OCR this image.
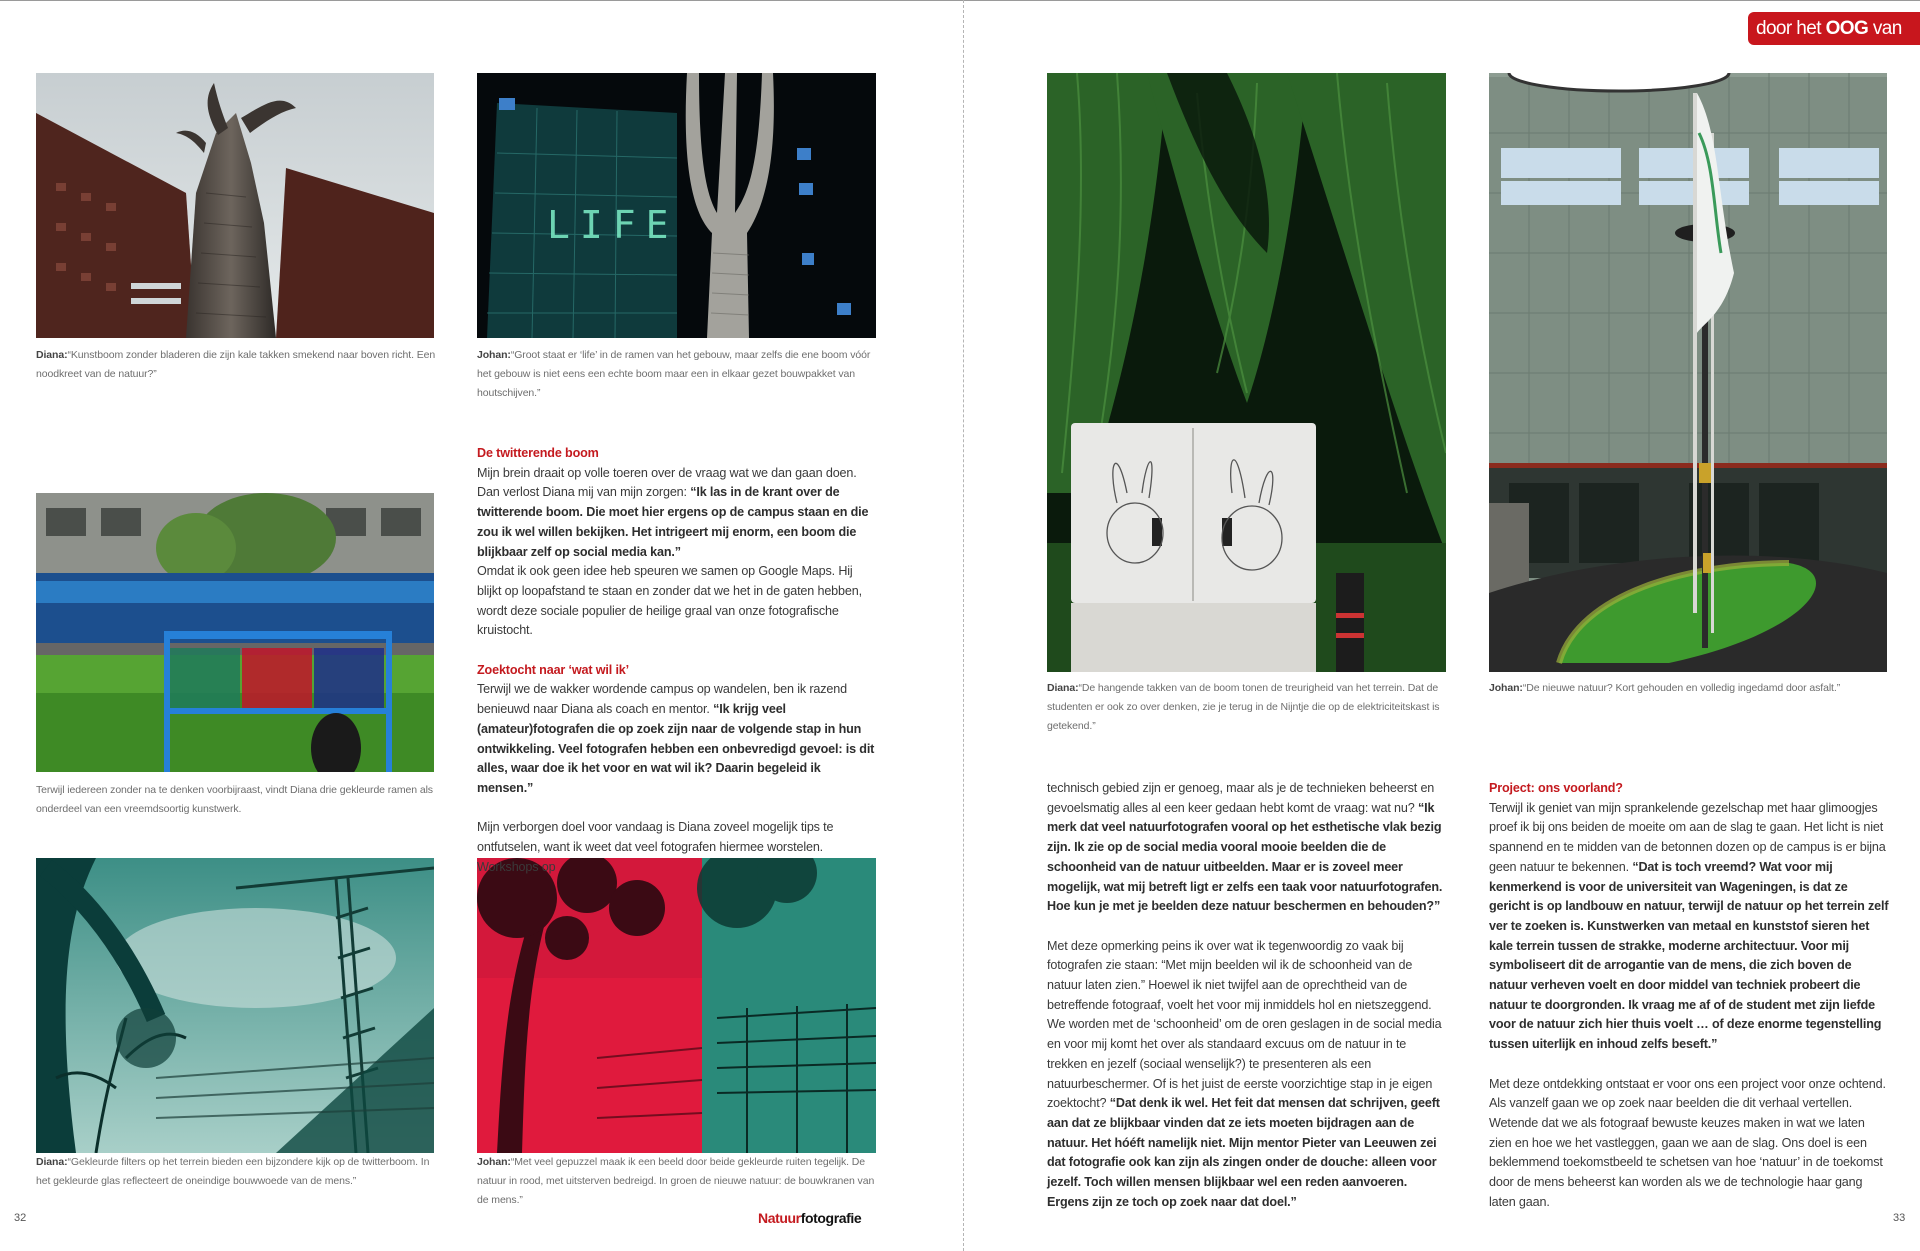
Diana:“Kunstboom zonder bladeren die zijn kale takken smekend naar boven richt. Een noodkreet van de natuur?”

LIFE

Johan:“Groot staat er ‘life’ in de ramen van het gebouw, maar zelfs die ene boom vóór het gebouw is niet eens een echte boom maar een in elkaar gezet bouwpakket van houtschijven.”

Terwijl iedereen zonder na te denken voorbijraast, vindt Diana drie gekleurde ramen als onderdeel van een vreemdsoortig kunstwerk.

Diana:“Gekleurde filters op het terrein bieden een bijzondere kijk op de twitterboom. In het gekleurde glas reflecteert de oneindige bouwwoede van de mens.”

Johan:“Met veel gepuzzel maak ik een beeld door beide gekleurde ruiten tegelijk. De natuur in rood, met uitsterven bedreigd. In groen de nieuwe natuur: de bouwkranen van de mens.”

De twitterende boom

Mijn brein draait op volle toeren over de vraag wat we dan gaan doen. Dan verlost Diana mij van mijn zorgen: “Ik las in de krant over de twitterende boom. Die moet hier ergens op de campus staan en die zou ik wel willen bekijken. Het intrigeert mij enorm, een boom die blijkbaar zelf op social media kan.”

Omdat ik ook geen idee heb speuren we samen op Google Maps. Hij blijkt op loopafstand te staan en zonder dat we het in de gaten hebben, wordt deze sociale populier de heilige graal van onze fotografische kruistocht.

Zoektocht naar ‘wat wil ik’

Terwijl we de wakker wordende campus op wandelen, ben ik razend benieuwd naar Diana als coach en mentor. “Ik krijg veel (amateur)fotografen die op zoek zijn naar de volgende stap in hun ontwikkeling. Veel fotografen hebben een onbevredigd gevoel: is dit alles, waar doe ik het voor en wat wil ik? Daarin begeleid ik mensen.”

Mijn verborgen doel voor vandaag is Diana zoveel mogelijk tips te ontfutselen, want ik weet dat veel fotografen hiermee worstelen. Workshops op

32	Natuurfotografie
door het OOG van

Diana:“De hangende takken van de boom tonen de treurigheid van het terrein. Dat de studenten er ook zo over denken, zie je terug in de Nijntje die op de elektriciteitskast is getekend.”

Johan:“De nieuwe natuur? Kort gehouden en volledig ingedamd door asfalt.”

technisch gebied zijn er genoeg, maar als je de technieken beheerst en gevoelsmatig alles al een keer gedaan hebt komt de vraag: wat nu? “Ik merk dat veel natuurfotografen vooral op het esthetische vlak bezig zijn. Ik zie op de social media vooral mooie beelden die de schoonheid van de natuur uitbeelden. Maar er is zoveel meer mogelijk, wat mij betreft ligt er zelfs een taak voor natuurfotografen. Hoe kun je met je beelden deze natuur beschermen en behouden?”

Met deze opmerking peins ik over wat ik tegenwoordig zo vaak bij fotografen zie staan: “Met mijn beelden wil ik de schoonheid van de natuur laten zien.” Hoewel ik niet twijfel aan de oprechtheid van de betreffende fotograaf, voelt het voor mij inmiddels hol en nietszeggend. We worden met de ‘schoonheid’ om de oren geslagen in de social media en voor mij komt het over als standaard excuus om de natuur in te trekken en jezelf (sociaal wenselijk?) te presenteren als een natuurbeschermer. Of is het juist de eerste voorzichtige stap in je eigen zoektocht? “Dat denk ik wel. Het feit dat mensen dat schrijven, geeft aan dat ze blijkbaar vinden dat ze iets moeten bijdragen aan de natuur. Het hóéft namelijk niet. Mijn mentor Pieter van Leeuwen zei dat fotografie ook kan zijn als zingen onder de douche: alleen voor jezelf. Toch willen mensen blijkbaar wel een reden aanvoeren. Ergens zijn ze toch op zoek naar dat doel.”

Project: ons voorland?

Terwijl ik geniet van mijn sprankelende gezelschap met haar glimoogjes proef ik bij ons beiden de moeite om aan de slag te gaan. Het licht is niet spannend en te midden van de betonnen dozen op de campus is er bijna geen natuur te bekennen. “Dat is toch vreemd? Wat voor mij kenmerkend is voor de universiteit van Wageningen, is dat ze gericht is op landbouw en natuur, terwijl de natuur op het terrein zelf ver te zoeken is. Kunstwerken van metaal en kunststof sieren het kale terrein tussen de strakke, moderne architectuur. Voor mij symboliseert dit de arrogantie van de mens, die zich boven de natuur verheven voelt en door middel van techniek probeert die natuur te doorgronden. Ik vraag me af of de student met zijn liefde voor de natuur zich hier thuis voelt … of deze enorme tegenstelling tussen uiterlijk en inhoud zelfs beseft.”

Met deze ontdekking ontstaat er voor ons een project voor onze ochtend. Als vanzelf gaan we op zoek naar beelden die dit verhaal vertellen. Wetende dat we als fotograaf bewuste keuzes maken in wat we laten zien en hoe we het vastleggen, gaan we aan de slag. Ons doel is een beklemmend toekomstbeeld te schetsen van hoe ‘natuur’ in de toekomst door de mens beheerst kan worden als we de technologie haar gang laten gaan.

33
